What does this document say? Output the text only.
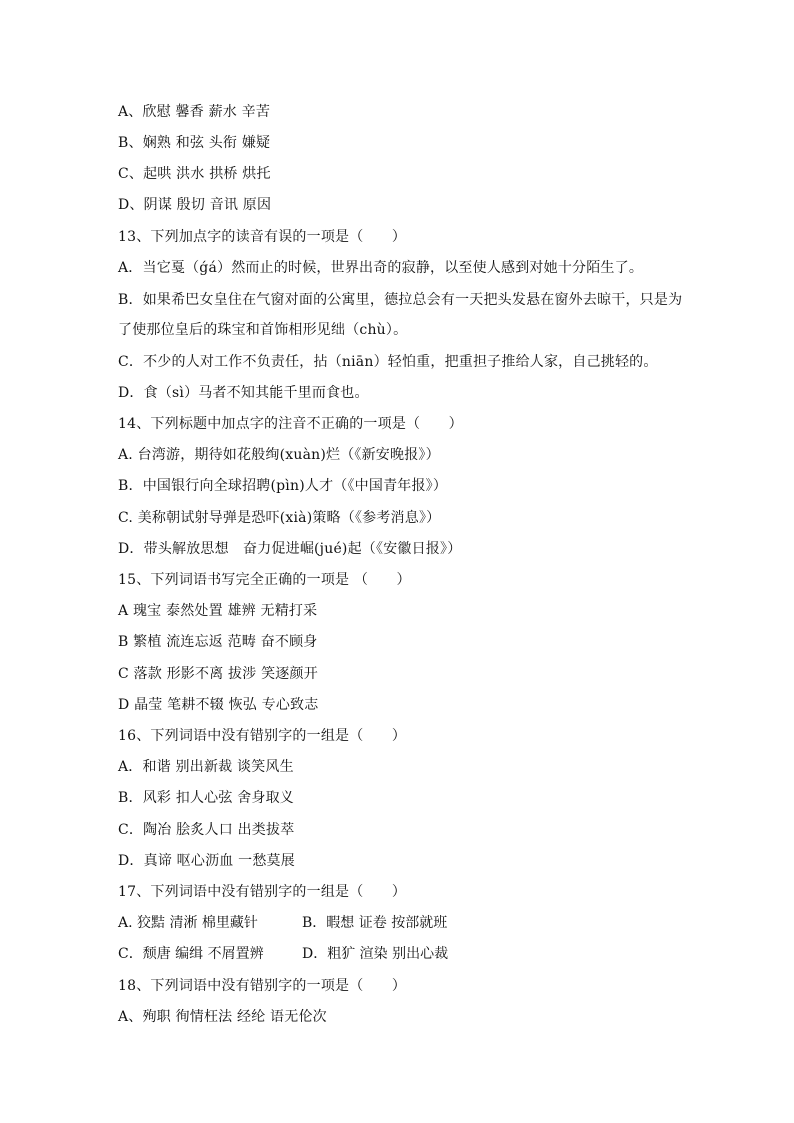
A、欣慰 馨香 薪水 辛苦
B、娴熟 和弦 头衔 嫌疑
C、起哄 洪水 拱桥 烘托
D、阴谋 殷切 音讯 原因
13、下列加点字的读音有误的一项是（　　）
A．当它戛（ǵá）然而止的时候，世界出奇的寂静，以至使人感到对她十分陌生了。
B．如果希巴女皇住在气窗对面的公寓里，德拉总会有一天把头发悬在窗外去晾干，只是为
了使那位皇后的珠宝和首饰相形见绌（chù）。
C．不少的人对工作不负责任，拈（niān）轻怕重，把重担子推给人家，自己挑轻的。
D．食（sì）马者不知其能千里而食也。
14、下列标题中加点字的注音不正确的一项是（　　）
A. 台湾游，期待如花般绚(xuàn)烂（《新安晚报》）
B．中国银行向全球招聘(pìn)人才（《中国青年报》）
C. 美称朝试射导弹是恐吓(xià)策略（《参考消息》）
D．带头解放思想　奋力促进崛(jué)起（《安徽日报》）
15、下列词语书写完全正确的一项是 （　　）
A 瑰宝 泰然处置 雄辨 无精打采
B 繁植 流连忘返 范畴 奋不顾身
C 落款 形影不离 拔涉 笑逐颜开
D 晶莹 笔耕不辍 恢弘 专心致志
16、下列词语中没有错别字的一组是（　　）
A．和谐 别出新裁 谈笑风生
B．风彩 扣人心弦 舍身取义
C．陶冶 脍炙人口 出类拔萃
D．真谛 呕心沥血 一愁莫展
17、下列词语中没有错别字的一组是（　　）
A. 狡黠 清淅 棉里藏针	B．暇想 证卷 按部就班
C．颓唐 编缉 不屑置辨	D．粗犷 渲染 别出心裁
18、下列词语中没有错别字的一项是（　　）
A、殉职 徇情枉法 经纶 语无伦次
